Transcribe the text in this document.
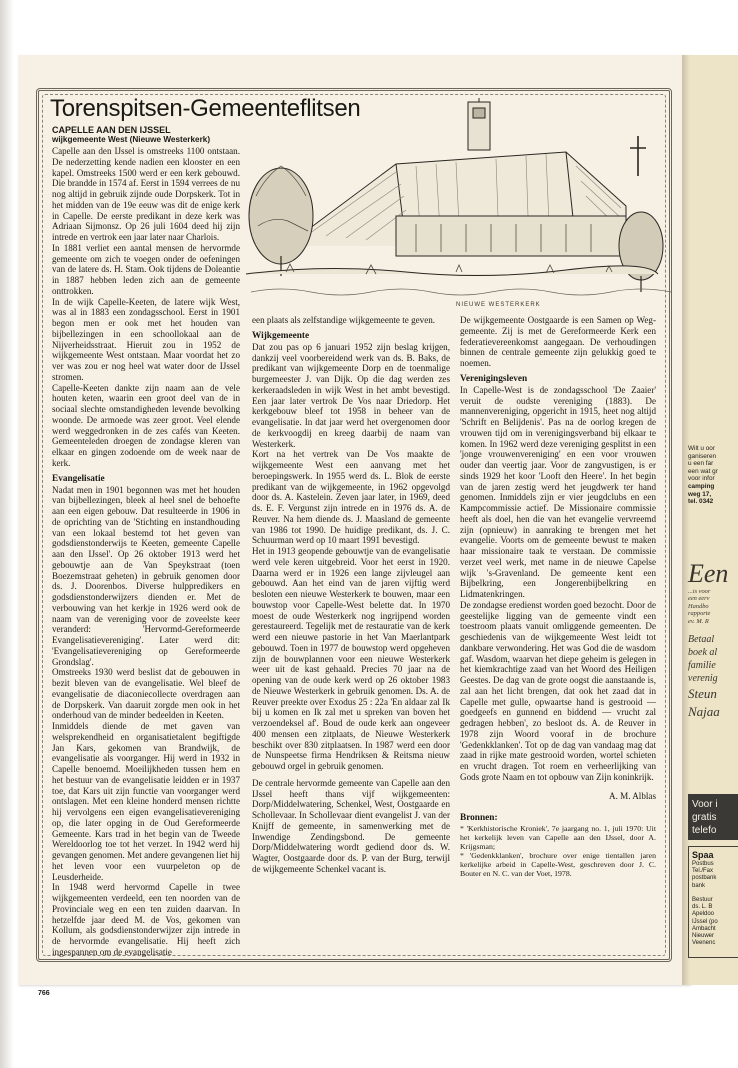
Torenspitsen-Gemeenteflitsen
CAPELLE AAN DEN IJSSEL
wijkgemeente West (Nieuwe Westerkerk)
NIEUWE WESTERKERK

Capelle aan den IJssel is omstreeks 1100 ontstaan. De nederzetting kende nadien een klooster en een kapel. Omstreeks 1500 werd er een kerk gebouwd. Die brandde in 1574 af. Eerst in 1594 verrees de nu nog altijd in gebruik zijnde oude Dorpskerk. Tot in het midden van de 19e eeuw was dit de enige kerk in Capelle. De eerste predikant in deze kerk was Adriaan Sijmonsz. Op 26 juli 1604 deed hij zijn intrede en vertrok een jaar later naar Charlois.

In 1881 verliet een aantal mensen de hervormde gemeente om zich te voegen onder de oefeningen van de latere ds. H. Stam. Ook tijdens de Doleantie in 1887 hebben leden zich aan de gemeente onttrokken.

In de wijk Capelle-Keeten, de latere wijk West, was al in 1883 een zondagsschool. Eerst in 1901 begon men er ook met het houden van bijbellezingen in een schoollokaal aan de Nijverheidsstraat. Hieruit zou in 1952 de wijkgemeente West ontstaan. Maar voordat het zo ver was zou er nog heel wat water door de IJssel stromen.

Capelle-Keeten dankte zijn naam aan de vele houten keten, waarin een groot deel van de in sociaal slechte omstandigheden levende bevolking woonde. De armoede was zeer groot. Veel elende werd weggedronken in de zes cafés van Keeten. Gemeenteleden droegen de zondagse kleren van elkaar en gingen zodoende om de week naar de kerk.

Evangelisatie

Nadat men in 1901 begonnen was met het houden van bijbellezingen, bleek al heel snel de behoefte aan een eigen gebouw. Dat resulteerde in 1906 in de oprichting van de 'Stichting en instandhouding van een lokaal bestemd tot het geven van godsdienstonderwijs te Keeten, gemeente Capelle aan den IJssel'. Op 26 oktober 1913 werd het gebouwtje aan de Van Speykstraat (toen Boezemstraat geheten) in gebruik genomen door ds. J. Doorenbos. Diverse hulppredikers en godsdienstonderwijzers dienden er. Met de verbouwing van het kerkje in 1926 werd ook de naam van de vereniging voor de zoveelste keer veranderd: 'Hervormd-Gereformeerde Evangelisatievereniging'. Later werd dit: 'Evangelisatievereniging op Gereformeerde Grondslag'.

Omstreeks 1930 werd beslist dat de gebouwen in bezit bleven van de evangelisatie. Wel bleef de evangelisatie de diaconiecollecte overdragen aan de Dorpskerk. Van daaruit zorgde men ook in het onderhoud van de minder bedeelden in Keeten.

Inmiddels diende de met gaven van welsprekendheid en organisatietalent begiftigde Jan Kars, gekomen van Brandwijk, de evangelisatie als voorganger. Hij werd in 1932 in Capelle benoemd. Moeilijkheden tussen hem en het bestuur van de evangelisatie leidden er in 1937 toe, dat Kars uit zijn functie van voorganger werd ontslagen. Met een kleine honderd mensen richtte hij vervolgens een eigen evangelisatievereniging op, die later opging in de Oud Gereformeerde Gemeente. Kars trad in het begin van de Tweede Wereldoorlog toe tot het verzet. In 1942 werd hij gevangen genomen. Met andere gevangenen liet hij het leven voor een vuurpeleton op de Leusderheide.

In 1948 werd hervormd Capelle in twee wijkgemeenten verdeeld, een ten noorden van de Provinciale weg en een ten zuiden daarvan. In hetzelfde jaar deed M. de Vos, gekomen van Kollum, als godsdienstonderwijzer zijn intrede in de hervormde evangelisatie. Hij heeft zich ingespannen om de evangelisatie

een plaats als zelfstandige wijkgemeente te geven.

Wijkgemeente

Dat zou pas op 6 januari 1952 zijn beslag krijgen, dankzij veel voorbereidend werk van ds. B. Baks, de predikant van wijkgemeente Dorp en de toenmalige burgemeester J. van Dijk. Op die dag werden zes kerkeraadsleden in wijk West in het ambt bevestigd. Een jaar later vertrok De Vos naar Driedorp. Het kerkgebouw bleef tot 1958 in beheer van de evangelisatie. In dat jaar werd het overgenomen door de kerkvoogdij en kreeg daarbij de naam van Westerkerk.

Kort na het vertrek van De Vos maakte de wijkgemeente West een aanvang met het beroepingswerk. In 1955 werd ds. L. Blok de eerste predikant van de wijkgemeente, in 1962 opgevolgd door ds. A. Kastelein. Zeven jaar later, in 1969, deed ds. E. F. Vergunst zijn intrede en in 1976 ds. A. de Reuver. Na hem diende ds. J. Maasland de gemeente van 1986 tot 1990. De huidige predikant, ds. J. C. Schuurman werd op 10 maart 1991 bevestigd.

Het in 1913 geopende gebouwtje van de evangelisatie werd vele keren uitgebreid. Voor het eerst in 1920. Daarna werd er in 1926 een lange zijvleugel aan gebouwd. Aan het eind van de jaren vijftig werd besloten een nieuwe Westerkerk te bouwen, maar een bouwstop voor Capelle-West belette dat. In 1970 moest de oude Westerkerk nog ingrijpend worden gerestaureerd. Tegelijk met de restauratie van de kerk werd een nieuwe pastorie in het Van Maerlantpark gebouwd. Toen in 1977 de bouwstop werd opgeheven zijn de bouwplannen voor een nieuwe Westerkerk weer uit de kast gehaald. Precies 70 jaar na de opening van de oude kerk werd op 26 oktober 1983 de Nieuwe Westerkerk in gebruik genomen. Ds. A. de Reuver preekte over Exodus 25 : 22a 'En aldaar zal Ik bij u komen en Ik zal met u spreken van boven het verzoendeksel af'. Boud de oude kerk aan ongeveer 400 mensen een zitplaats, de Nieuwe Westerkerk beschikt over 830 zitplaatsen. In 1987 werd een door de Nunspeetse firma Hendriksen & Reitsma nieuw gebouwd orgel in gebruik genomen.

De centrale hervormde gemeente van Capelle aan den IJssel heeft thans vijf wijkgemeenten: Dorp/Middelwatering, Schenkel, West, Oostgaarde en Schollevaar. In Schollevaar dient evangelist J. van der Knijff de gemeente, in samenwerking met de Inwendige Zendingsbond. De gemeente Dorp/Middelwatering wordt gediend door ds. W. Wagter, Oostgaarde door ds. P. van der Burg, terwijl de wijkgemeente Schenkel vacant is.

De wijkgemeente Oostgaarde is een Samen op Weg-gemeente. Zij is met de Gereformeerde Kerk een federatievereenkomst aangegaan. De verhoudingen binnen de centrale gemeente zijn gelukkig goed te noemen.

Verenigingsleven

In Capelle-West is de zondagsschool 'De Zaaier' veruit de oudste vereniging (1883). De mannenvereniging, opgericht in 1915, heet nog altijd 'Schrift en Belijdenis'. Pas na de oorlog kregen de vrouwen tijd om in verenigingsverband bij elkaar te komen. In 1962 werd deze vereniging gesplitst in een 'jonge vrouwenvereniging' en een voor vrouwen ouder dan veertig jaar. Voor de zangvustigen, is er sinds 1929 het koor 'Looft den Heere'. In het begin van de jaren zestig werd het jeugdwerk ter hand genomen. Inmiddels zijn er vier jeugdclubs en een Kampcommissie actief. De Missionaire commissie heeft als doel, hen die van het evangelie vervreemd zijn (opnieuw) in aanraking te brengen met het evangelie. Voorts om de gemeente bewust te maken haar missionaire taak te verstaan. De commissie verzet veel werk, met name in de nieuwe Capelse wijk 's-Gravenland. De gemeente kent een Bijbelkring, een Jongerenbijbelkring en Lidmatenkringen.

De zondagse eredienst worden goed bezocht. Door de geestelijke ligging van de gemeente vindt een toestroom plaats vanuit omliggende gemeenten. De geschiedenis van de wijkgemeente West leidt tot dankbare verwondering. Het was God die de wasdom gaf. Wasdom, waarvan het diepe geheim is gelegen in het kiemkrachtige zaad van het Woord des Heiligen Geestes. De dag van de grote oogst die aanstaande is, zal aan het licht brengen, dat ook het zaad dat in Capelle met gulle, opwaartse hand is gestrooid — goedgeefs en gunnend en biddend — vrucht zal gedragen hebben', zo besloot ds. A. de Reuver in 1978 zijn Woord vooraf in de brochure 'Gedenkklanken'. Tot op de dag van vandaag mag dat zaad in rijke mate gestrooid worden, wortel schieten en vrucht dragen. Tot roem en verheerlijking van Gods grote Naam en tot opbouw van Zijn koninkrijk.

A. M. Alblas

Bronnen:

* 'Kerkhistorische Kroniek', 7e jaargang no. 1, juli 1970: Uit het kerkelijk leven van Capelle aan den IJssel, door A. Krijgsman;

* 'Gedenkklanken', brochure over enige tientallen jaren kerkelijke arbeid in Capelle-West, geschreven door J. C. Bouter en N. C. van der Voet, 1978.

766
Wilt u oor
ganiseren
u een far
een wat gr
voor infor
camping
weg 17,
tel. 0342
Een
...is voor
een eerv
Handbo
rapporte
ev. M. R
Betaal
boek al
familie
verenig
Steun
Najaa
Voor i
gratis
telefo
Spaa
Postbus
Tel./Fax
postbank
bank

Bestuur
ds. L. B
Apeldoo
IJssel (po
Ambacht
Nieuwer
Veenenc
